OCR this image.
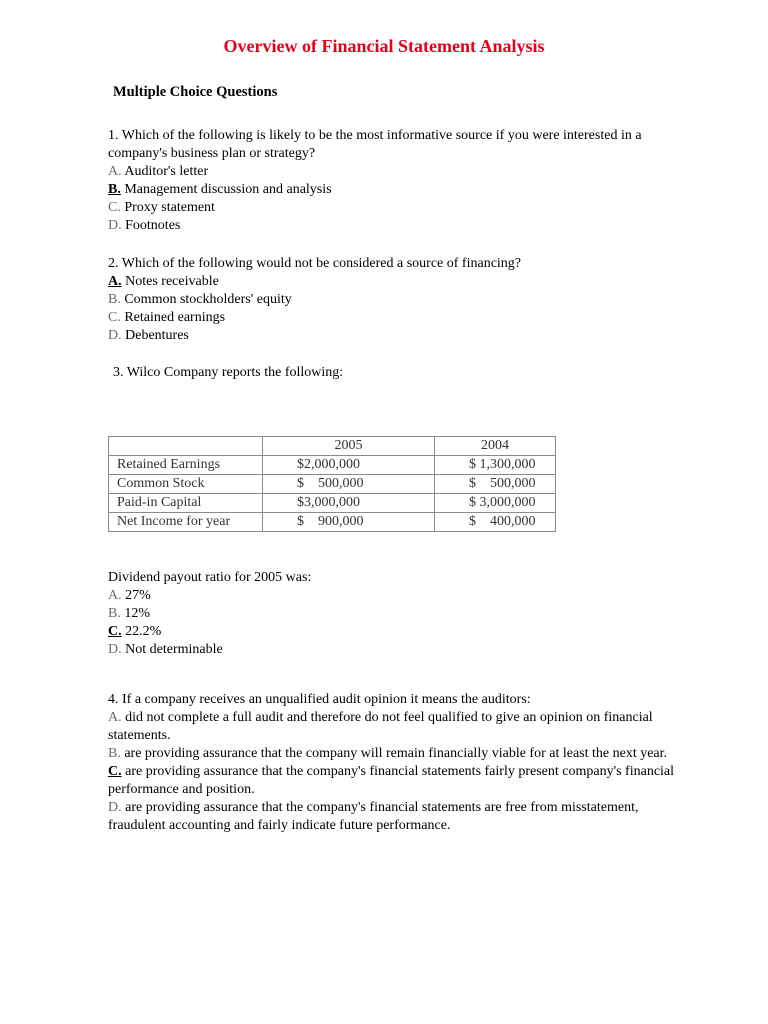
Overview of Financial Statement Analysis
Multiple Choice Questions
1. Which of the following is likely to be the most informative source if you were interested in a company's business plan or strategy?
A. Auditor's letter
B. Management discussion and analysis
C. Proxy statement
D. Footnotes
2. Which of the following would not be considered a source of financing?
A. Notes receivable
B. Common stockholders' equity
C. Retained earnings
D. Debentures
3. Wilco Company reports the following:
	2005	2004
Retained Earnings	$2,000,000	$ 1,300,000
Common Stock	$    500,000	$    500,000
Paid-in Capital	$3,000,000	$ 3,000,000
Net Income for year	$    900,000	$    400,000
Dividend payout ratio for 2005 was:
A. 27%
B. 12%
C. 22.2%
D. Not determinable
4. If a company receives an unqualified audit opinion it means the auditors:
A. did not complete a full audit and therefore do not feel qualified to give an opinion on financial statements.
B. are providing assurance that the company will remain financially viable for at least the next year.
C. are providing assurance that the company's financial statements fairly present company's financial performance and position.
D. are providing assurance that the company's financial statements are free from misstatement, fraudulent accounting and fairly indicate future performance.
